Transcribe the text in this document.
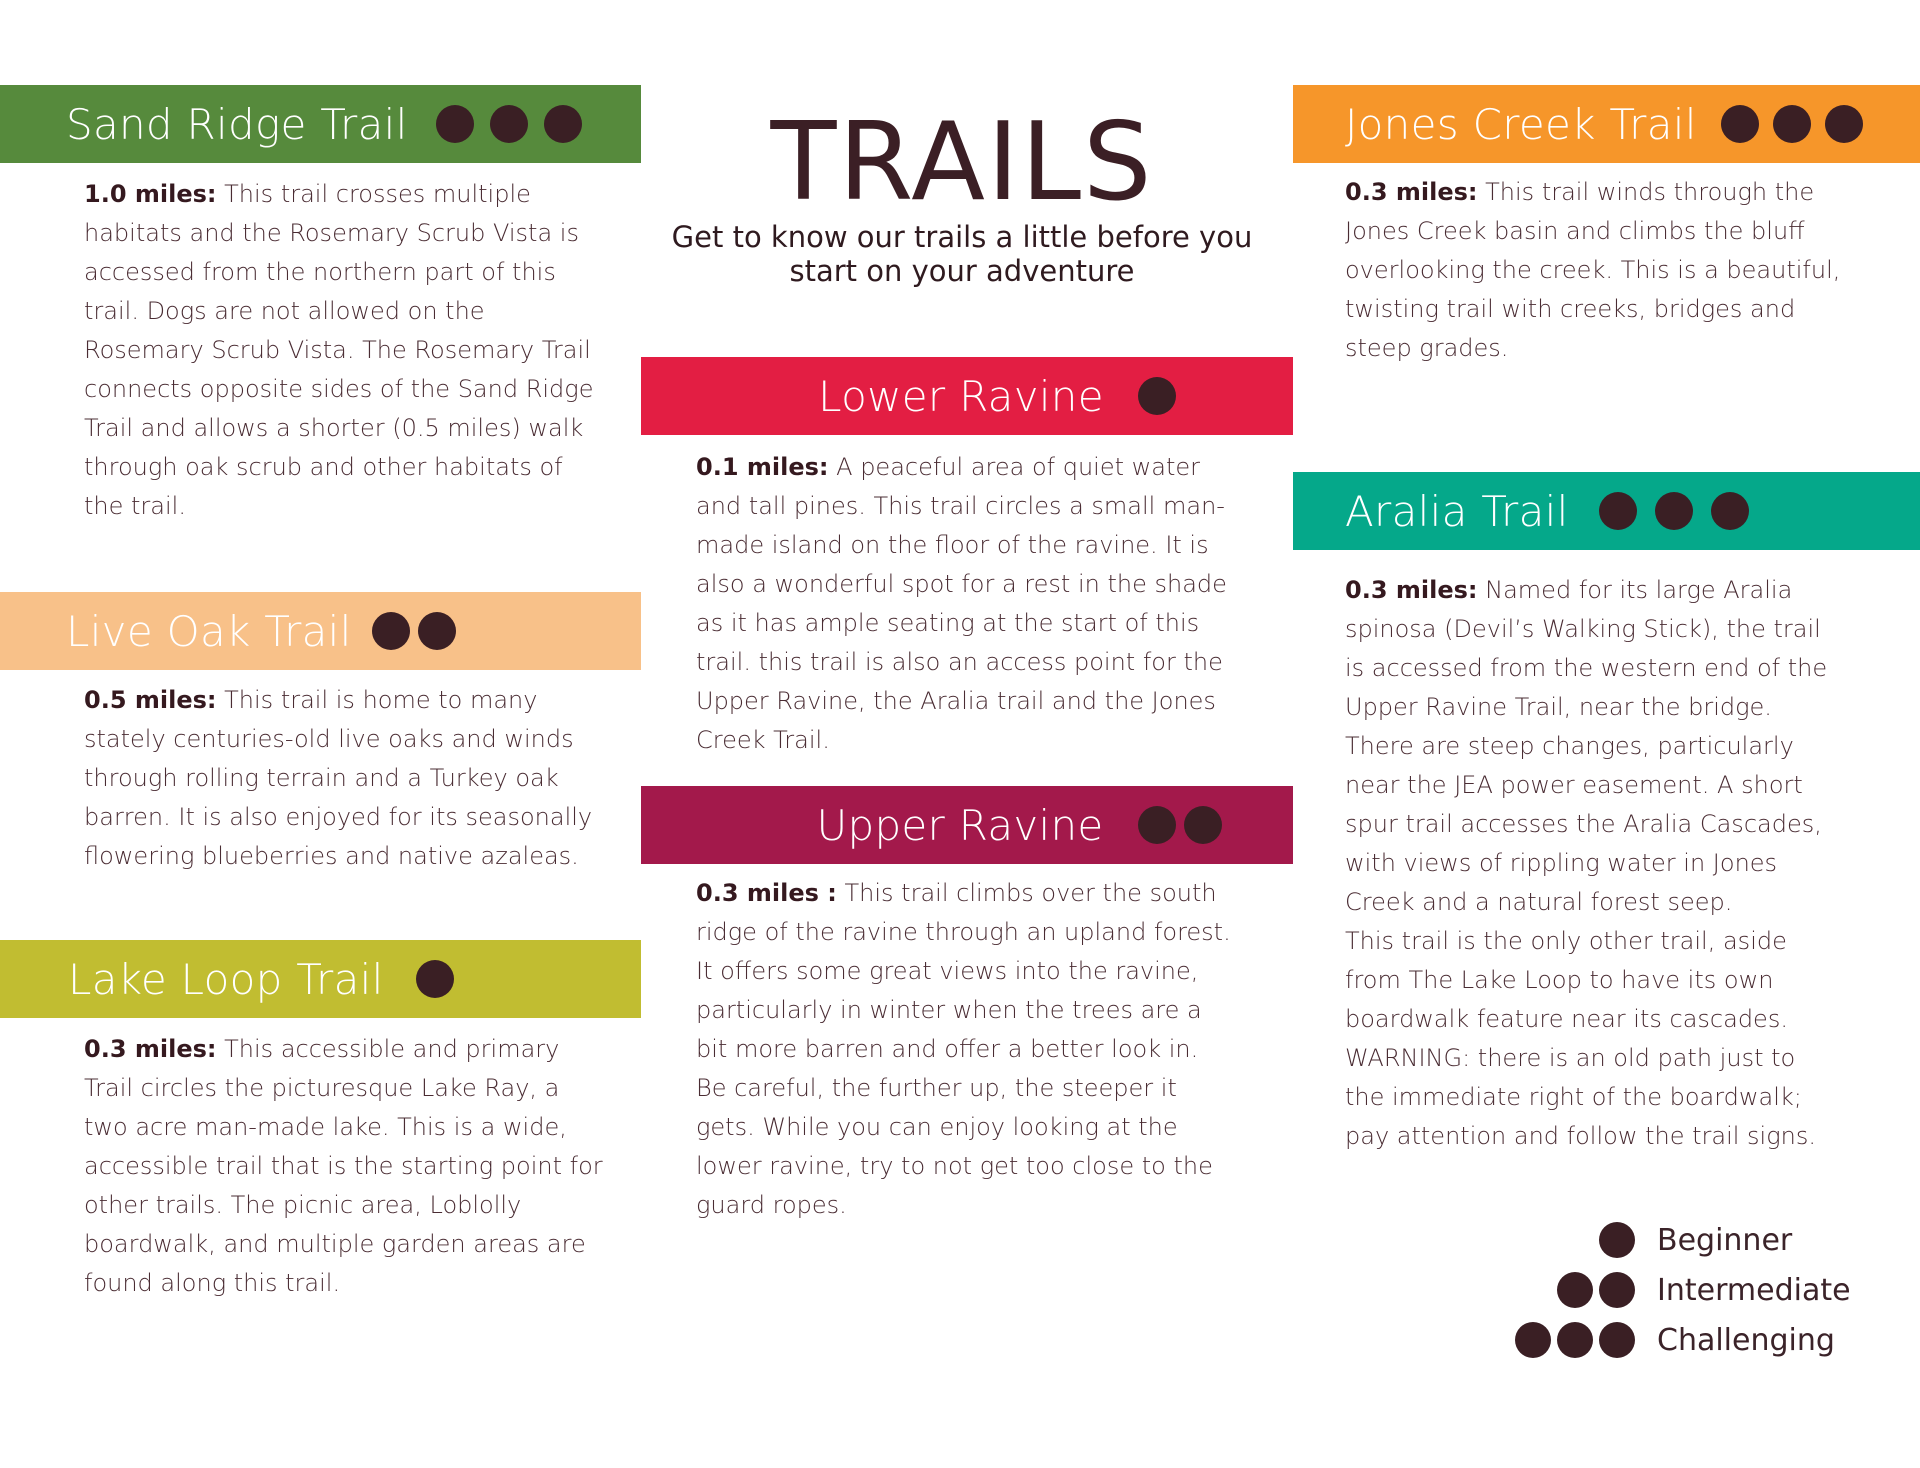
TRAILS
Get to know our trails a little before you start on your adventure
Sand Ridge Trail

1.0 miles: This trail crosses multiple habitats and the Rosemary Scrub Vista is accessed from the northern part of this trail. Dogs are not allowed on the Rosemary Scrub Vista. The Rosemary Trail connects opposite sides of the Sand Ridge Trail and allows a shorter (0.5 miles) walk through oak scrub and other habitats of the trail.

Live Oak Trail

0.5 miles: This trail is home to many stately centuries-old live oaks and winds through rolling terrain and a Turkey oak barren. It is also enjoyed for its seasonally flowering blueberries and native azaleas.

Lake Loop Trail

0.3 miles: This accessible and primary Trail circles the picturesque Lake Ray, a two acre man-made lake. This is a wide, accessible trail that is the starting point for other trails. The picnic area, Loblolly boardwalk, and multiple garden areas are found along this trail.

Lower Ravine

0.1 miles: A peaceful area of quiet water and tall pines. This trail circles a small man-made island on the floor of the ravine. It is also a wonderful spot for a rest in the shade as it has ample seating at the start of this trail. this trail is also an access point for the Upper Ravine, the Aralia trail and the Jones Creek Trail.

Upper Ravine

0.3 miles : This trail climbs over the south ridge of the ravine through an upland forest. It offers some great views into the ravine, particularly in winter when the trees are a bit more barren and offer a better look in. Be careful, the further up, the steeper it gets. While you can enjoy looking at the lower ravine, try to not get too close to the guard ropes.

Jones Creek Trail

0.3 miles: This trail winds through the Jones Creek basin and climbs the bluff overlooking the creek. This is a beautiful, twisting trail with creeks, bridges and steep grades.

Aralia Trail
0.3 miles: Named for its large Aralia spinosa (Devil’s Walking Stick), the trail is accessed from the western end of the Upper Ravine Trail, near the bridge. There are steep changes, particularly near the JEA power easement. A short spur trail accesses the Aralia Cascades, with views of rippling water in Jones Creek and a natural forest seep.
This trail is the only other trail, aside from The Lake Loop to have its own boardwalk feature near its cascades. WARNING: there is an old path just to the immediate right of the boardwalk; pay attention and follow the trail signs.
Beginner
Intermediate
Challenging
